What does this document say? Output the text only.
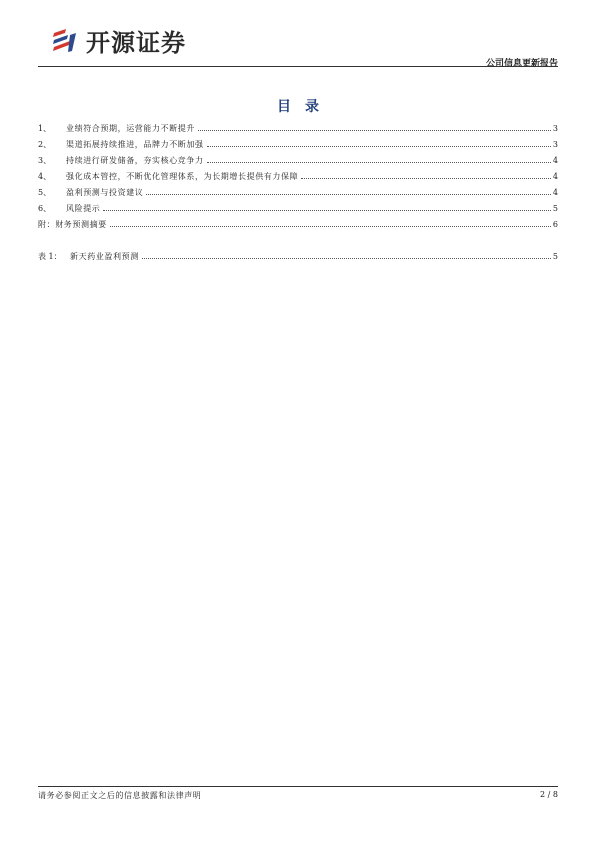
开源证券
公司信息更新报告
目录
1、	业绩符合预期，运营能力不断提升	3
2、	渠道拓展持续推进，品牌力不断加强	3
3、	持续进行研发储备，夯实核心竞争力	4
4、	强化成本管控，不断优化管理体系，为长期增长提供有力保障	4
5、	盈利预测与投资建议	4
6、	风险提示	5
附：财务预测摘要	6
表 1：	新天药业盈利预测	5
请务必参阅正文之后的信息披露和法律声明	2 / 8
